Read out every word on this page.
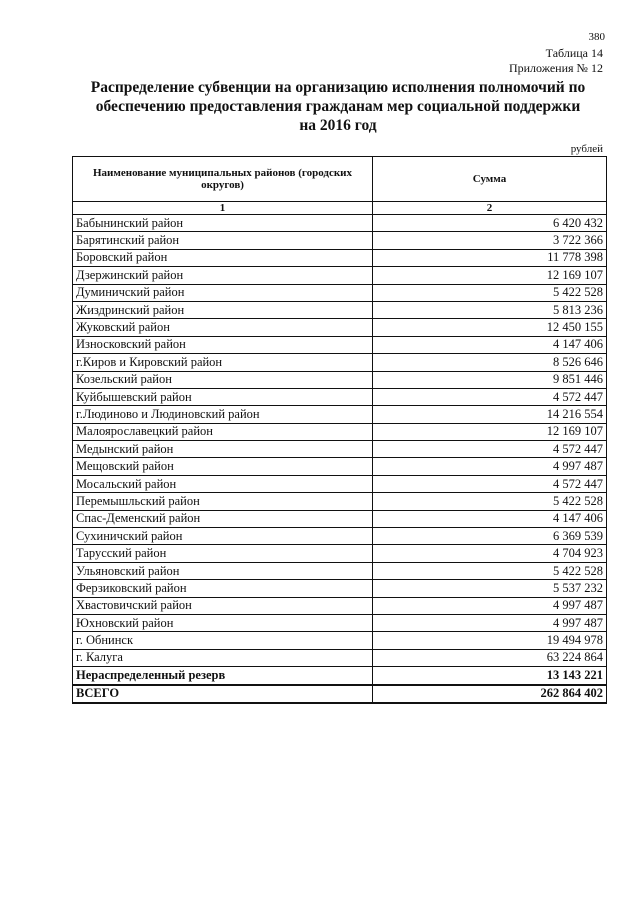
380
Таблица 14
Приложения № 12
Распределение субвенции на организацию исполнения полномочий по
обеспечению предоставления гражданам мер социальной поддержки
на 2016 год
рублей
Наименование муниципальных районов (городских округов)	Сумма
1	2
Бабынинский район	6 420 432
Барятинский район	3 722 366
Боровский район	11 778 398
Дзержинский район	12 169 107
Думиничский район	5 422 528
Жиздринский район	5 813 236
Жуковский район	12 450 155
Износковский район	4 147 406
г.Киров и Кировский район	8 526 646
Козельский район	9 851 446
Куйбышевский район	4 572 447
г.Людиново и Людиновский район	14 216 554
Малоярославецкий район	12 169 107
Медынский район	4 572 447
Мещовский район	4 997 487
Мосальский район	4 572 447
Перемышльский район	5 422 528
Спас-Деменский район	4 147 406
Сухиничский район	6 369 539
Тарусский район	4 704 923
Ульяновский район	5 422 528
Ферзиковский район	5 537 232
Хвастовичский район	4 997 487
Юхновский район	4 997 487
г. Обнинск	19 494 978
г. Калуга	63 224 864
Нераспределенный резерв	13 143 221
ВСЕГО	262 864 402
